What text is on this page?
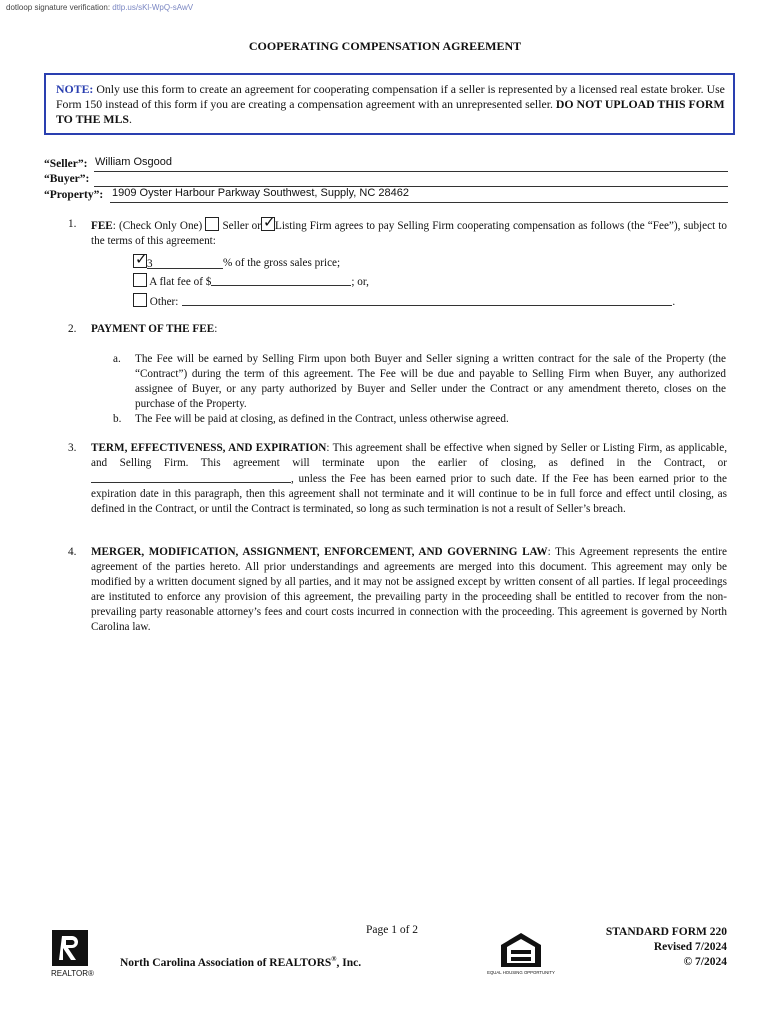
dotloop signature verification: dtlp.us/sKl-WpQ-sAwV
COOPERATING COMPENSATION AGREEMENT
NOTE: Only use this form to create an agreement for cooperating compensation if a seller is represented by a licensed real estate broker. Use Form 150 instead of this form if you are creating a compensation agreement with an unrepresented seller. DO NOT UPLOAD THIS FORM TO THE MLS.
“Seller”: William Osgood
“Buyer”:
“Property”: 1909 Oyster Harbour Parkway Southwest, Supply, NC 28462
1. FEE: (Check Only One) Seller or ✓ Listing Firm agrees to pay Selling Firm cooperating compensation as follows (the “Fee”), subject to the terms of this agreement:
✓ 3	% of the gross sales price;
A flat fee of $	; or,
Other:	.
2. PAYMENT OF THE FEE:
a. The Fee will be earned by Selling Firm upon both Buyer and Seller signing a written contract for the sale of the Property (the “Contract”) during the term of this agreement. The Fee will be due and payable to Selling Firm when Buyer, any authorized assignee of Buyer, or any party authorized by Buyer and Seller under the Contract or any amendment thereto, closes on the purchase of the Property.
b. The Fee will be paid at closing, as defined in the Contract, unless otherwise agreed.
3. TERM, EFFECTIVENESS, AND EXPIRATION: This agreement shall be effective when signed by Seller or Listing Firm, as applicable, and Selling Firm. This agreement will terminate upon the earlier of closing, as defined in the Contract, or , unless the Fee has been earned prior to such date. If the Fee has been earned prior to the expiration date in this paragraph, then this agreement shall not terminate and it will continue to be in full force and effect until closing, as defined in the Contract, or until the Contract is terminated, so long as such termination is not a result of Seller’s breach.
4. MERGER, MODIFICATION, ASSIGNMENT, ENFORCEMENT, AND GOVERNING LAW: This Agreement represents the entire agreement of the parties hereto. All prior understandings and agreements are merged into this document. This agreement may only be modified by a written document signed by all parties, and it may not be assigned except by written consent of all parties. If legal proceedings are instituted to enforce any provision of this agreement, the prevailing party in the proceeding shall be entitled to recover from the non-prevailing party reasonable attorney’s fees and court costs incurred in connection with the proceeding. This agreement is governed by North Carolina law.
REALTOR®
Page 1 of 2
North Carolina Association of REALTORS®, Inc.
EQUAL HOUSING OPPORTUNITY
STANDARD FORM 220
Revised 7/2024
© 7/2024
